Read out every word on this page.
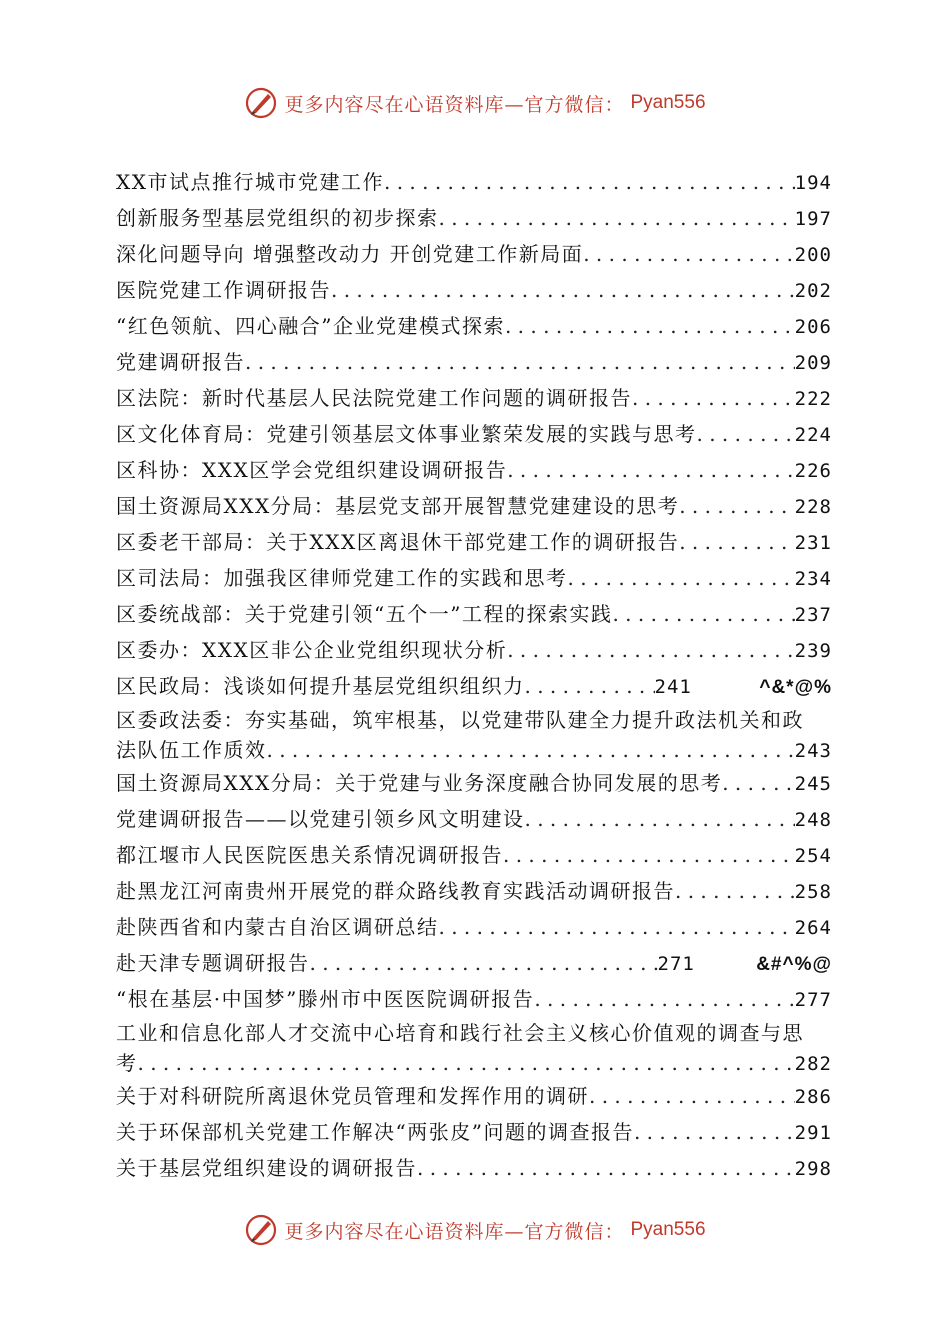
更多内容尽在心语资料库—官方微信： Pyan556
XX市试点推行城市党建工作 . . .	194
创新服务型基层党组织的初步探索 . . .	197
深化问题导向 增强整改动力 开创党建工作新局面 . . .	200
医院党建工作调研报告 . . .	202
“红色领航、四心融合”企业党建模式探索 . . .	206
党建调研报告 . . .	209
区法院：新时代基层人民法院党建工作问题的调研报告 . . .	222
区文化体育局：党建引领基层文体事业繁荣发展的实践与思考 . . .	224
区科协：XXX区学会党组织建设调研报告 . . .	226
国土资源局XXX分局：基层党支部开展智慧党建建设的思考 . . .	228
区委老干部局：关于XXX区离退休干部党建工作的调研报告 . . .	231
区司法局：加强我区律师党建工作的实践和思考 . . .	234
区委统战部：关于党建引领“五个一”工程的探索实践 . . .	237
区委办：XXX区非公企业党组织现状分析 . . .	239
区民政局：浅谈如何提升基层党组织组织力 . . .	241	^&*@%
区委政法委：夯实基础，筑牢根基，以党建带队建全力提升政法机关和政
法队伍工作质效 . . .	243
国土资源局XXX分局：关于党建与业务深度融合协同发展的思考 . . .	245
党建调研报告——以党建引领乡风文明建设 . . .	248
都江堰市人民医院医患关系情况调研报告 . . .	254
赴黑龙江河南贵州开展党的群众路线教育实践活动调研报告 . . .	258
赴陕西省和内蒙古自治区调研总结 . . .	264
赴天津专题调研报告 . . .	271	&#^%@
“根在基层·中国梦”滕州市中医医院调研报告 . . .	277
工业和信息化部人才交流中心培育和践行社会主义核心价值观的调查与思
考 . . .	282
关于对科研院所离退休党员管理和发挥作用的调研 . . .	286
关于环保部机关党建工作解决“两张皮”问题的调查报告 . . .	291
关于基层党组织建设的调研报告 . . .	298
更多内容尽在心语资料库—官方微信： Pyan556
